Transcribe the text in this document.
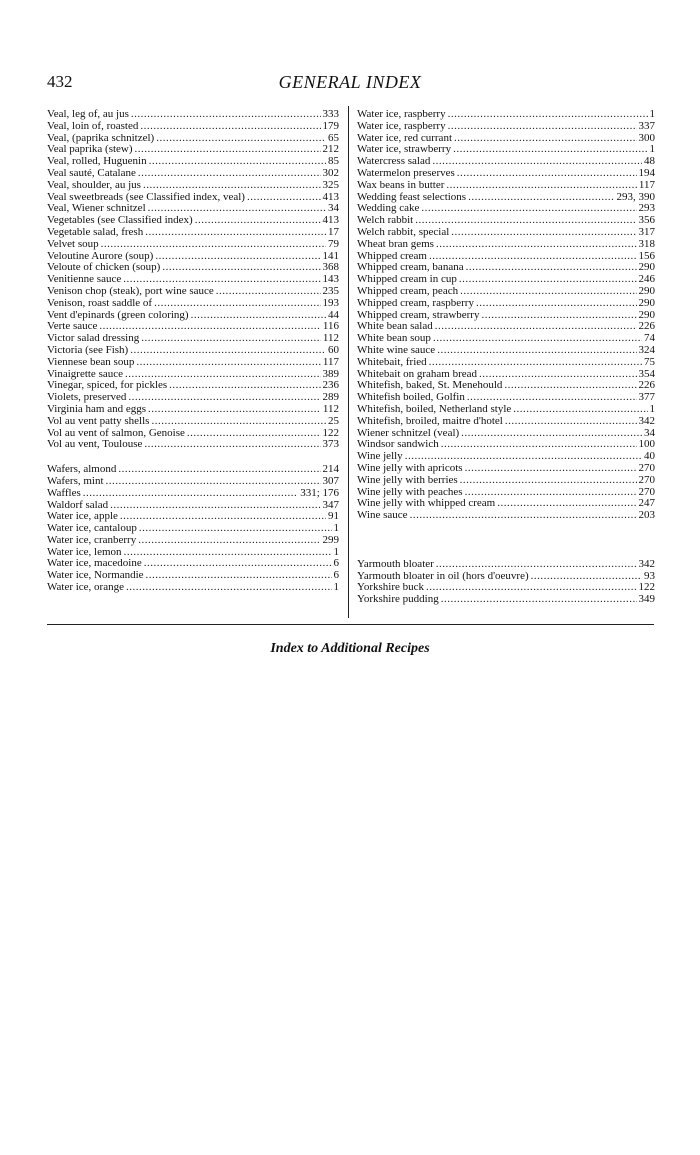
432	GENERAL INDEX
Veal, leg of, au jus .....	333
Veal, loin of, roasted .....	179
Veal, (paprika schnitzel) .....	65
Veal paprika (stew) .....	212
Veal, rolled, Huguenin .....	85
Veal sauté, Catalane .....	302
Veal, shoulder, au jus .....	325
Veal sweetbreads (see Classified index, veal) .....	413
Veal, Wiener schnitzel .....	34
Vegetables (see Classified index) .....	413
Vegetable salad, fresh .....	17
Velvet soup .....	79
Veloutine Aurore (soup) .....	141
Veloute of chicken (soup) .....	368
Venitienne sauce .....	143
Venison chop (steak), port wine sauce .....	235
Venison, roast saddle of .....	193
Vent d'epinards (green coloring) .....	44
Verte sauce .....	116
Victor salad dressing .....	112
Victoria (see Fish) .....	60
Viennese bean soup .....	117
Vinaigrette sauce .....	389
Vinegar, spiced, for pickles .....	236
Violets, preserved .....	289
Virginia ham and eggs .....	112
Vol au vent patty shells .....	25
Vol au vent of salmon, Genoise .....	122
Vol au vent, Toulouse .....	373
Wafers, almond .....	214
Wafers, mint .....	307
Waffles .....	331; 176
Waldorf salad .....	347
Water ice, apple .....	91
Water ice, cantaloup .....	1
Water ice, cranberry .....	299
Water ice, lemon .....	1
Water ice, macedoine .....	6
Water ice, Normandie .....	6
Water ice, orange .....	1
Water ice, raspberry .....	1
Water ice, raspberry .....	337
Water ice, red currant .....	300
Water ice, strawberry .....	1
Watercress salad .....	48
Watermelon preserves .....	194
Wax beans in butter .....	117
Wedding feast selections .....	293, 390
Wedding cake .....	293
Welch rabbit .....	356
Welch rabbit, special .....	317
Wheat bran gems .....	318
Whipped cream .....	156
Whipped cream, banana .....	290
Whipped cream in cup .....	246
Whipped cream, peach .....	290
Whipped cream, raspberry .....	290
Whipped cream, strawberry .....	290
White bean salad .....	226
White bean soup .....	74
White wine sauce .....	324
Whitebait, fried .....	75
Whitebait on graham bread .....	354
Whitefish, baked, St. Menehould .....	226
Whitefish boiled, Golfin .....	377
Whitefish, boiled, Netherland style .....	1
Whitefish, broiled, maitre d'hotel .....	342
Wiener schnitzel (veal) .....	34
Windsor sandwich .....	100
Wine jelly .....	40
Wine jelly with apricots .....	270
Wine jelly with berries .....	270
Wine jelly with peaches .....	270
Wine jelly with whipped cream .....	247
Wine sauce .....	203
Yarmouth bloater .....	342
Yarmouth bloater in oil (hors d'oeuvre) .....	93
Yorkshire buck .....	122
Yorkshire pudding .....	349
Index to Additional Recipes
